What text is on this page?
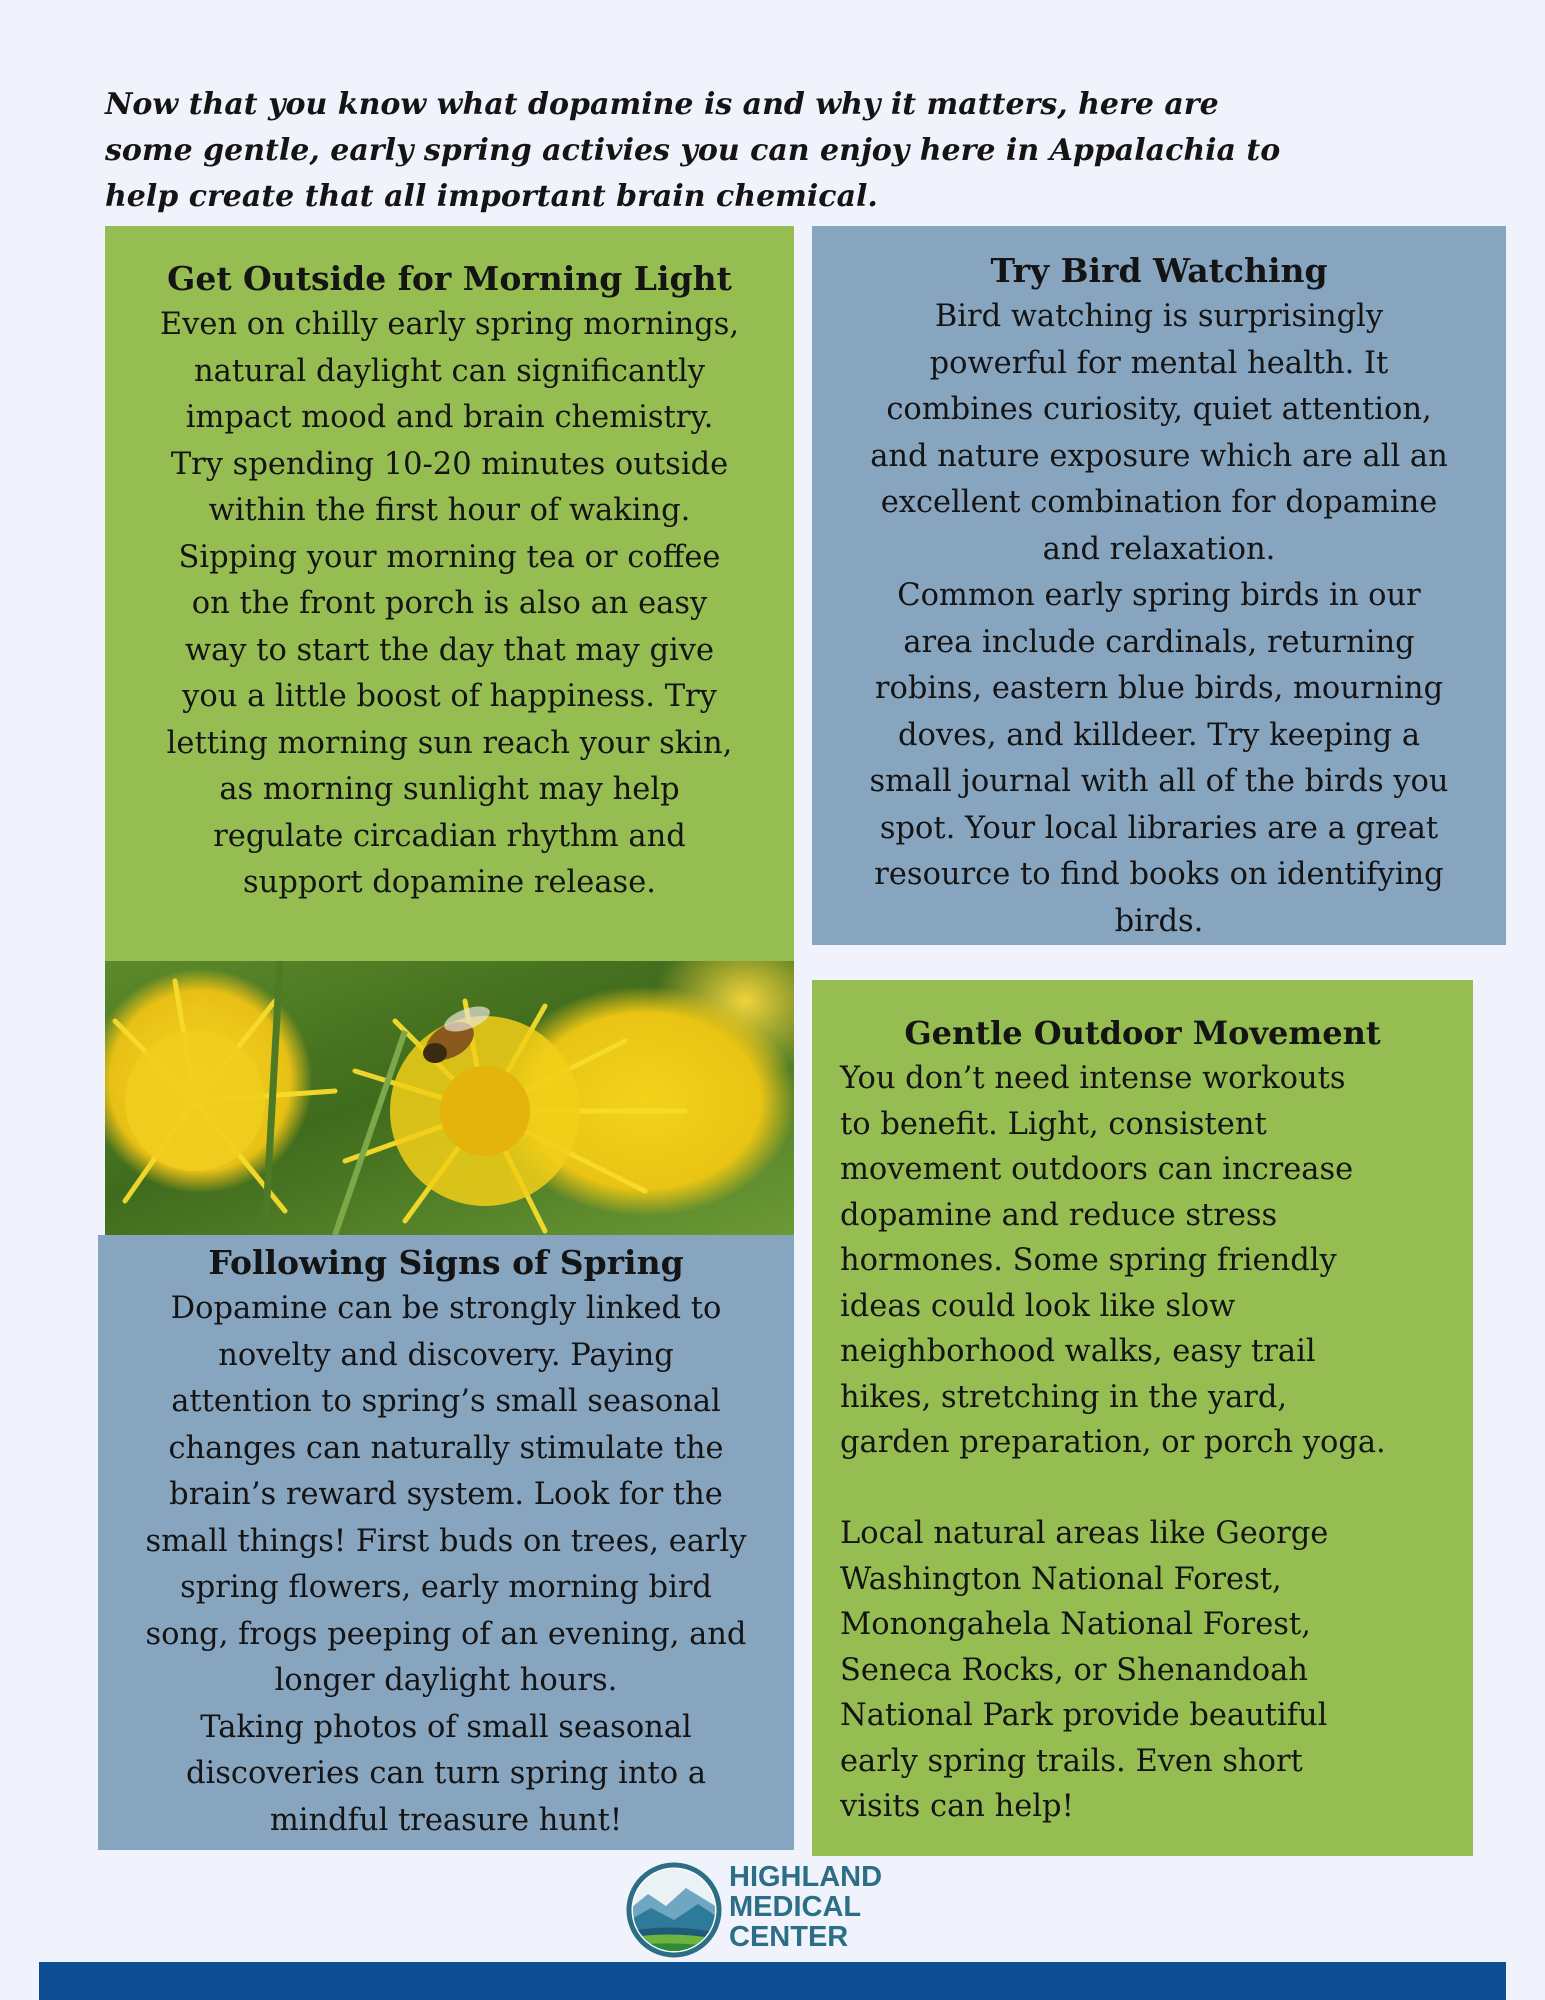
Now that you know what dopamine is and why it matters, here are
some gentle, early spring activies you can enjoy here in Appalachia to
help create that all important brain chemical.
Get Outside for Morning Light

Even on chilly early spring mornings,

natural daylight can significantly

impact mood and brain chemistry.

Try spending 10-20 minutes outside

within the first hour of waking.

Sipping your morning tea or coffee

on the front porch is also an easy

way to start the day that may give

you a little boost of happiness. Try

letting morning sun reach your skin,

as morning sunlight may help

regulate circadian rhythm and

support dopamine release.

Try Bird Watching

Bird watching is surprisingly

powerful for mental health. It

combines curiosity, quiet attention,

and nature exposure which are all an

excellent combination for dopamine

and relaxation.

Common early spring birds in our

area include cardinals, returning

robins, eastern blue birds, mourning

doves, and killdeer. Try keeping a

small journal with all of the birds you

spot. Your local libraries are a great

resource to find books on identifying

birds.

Following Signs of Spring

Dopamine can be strongly linked to

novelty and discovery. Paying

attention to spring’s small seasonal

changes can naturally stimulate the

brain’s reward system. Look for the

small things! First buds on trees, early

spring flowers, early morning bird

song, frogs peeping of an evening, and

longer daylight hours.

Taking photos of small seasonal

discoveries can turn spring into a

mindful treasure hunt!

Gentle Outdoor Movement

You don’t need intense workouts

to benefit. Light, consistent

movement outdoors can increase

dopamine and reduce stress

hormones. Some spring friendly

ideas could look like slow

neighborhood walks, easy trail

hikes, stretching in the yard,

garden preparation, or porch yoga.

Local natural areas like George

Washington National Forest,

Monongahela National Forest,

Seneca Rocks, or Shenandoah

National Park provide beautiful

early spring trails. Even short

visits can help!

HIGHLAND
MEDICAL
CENTER
